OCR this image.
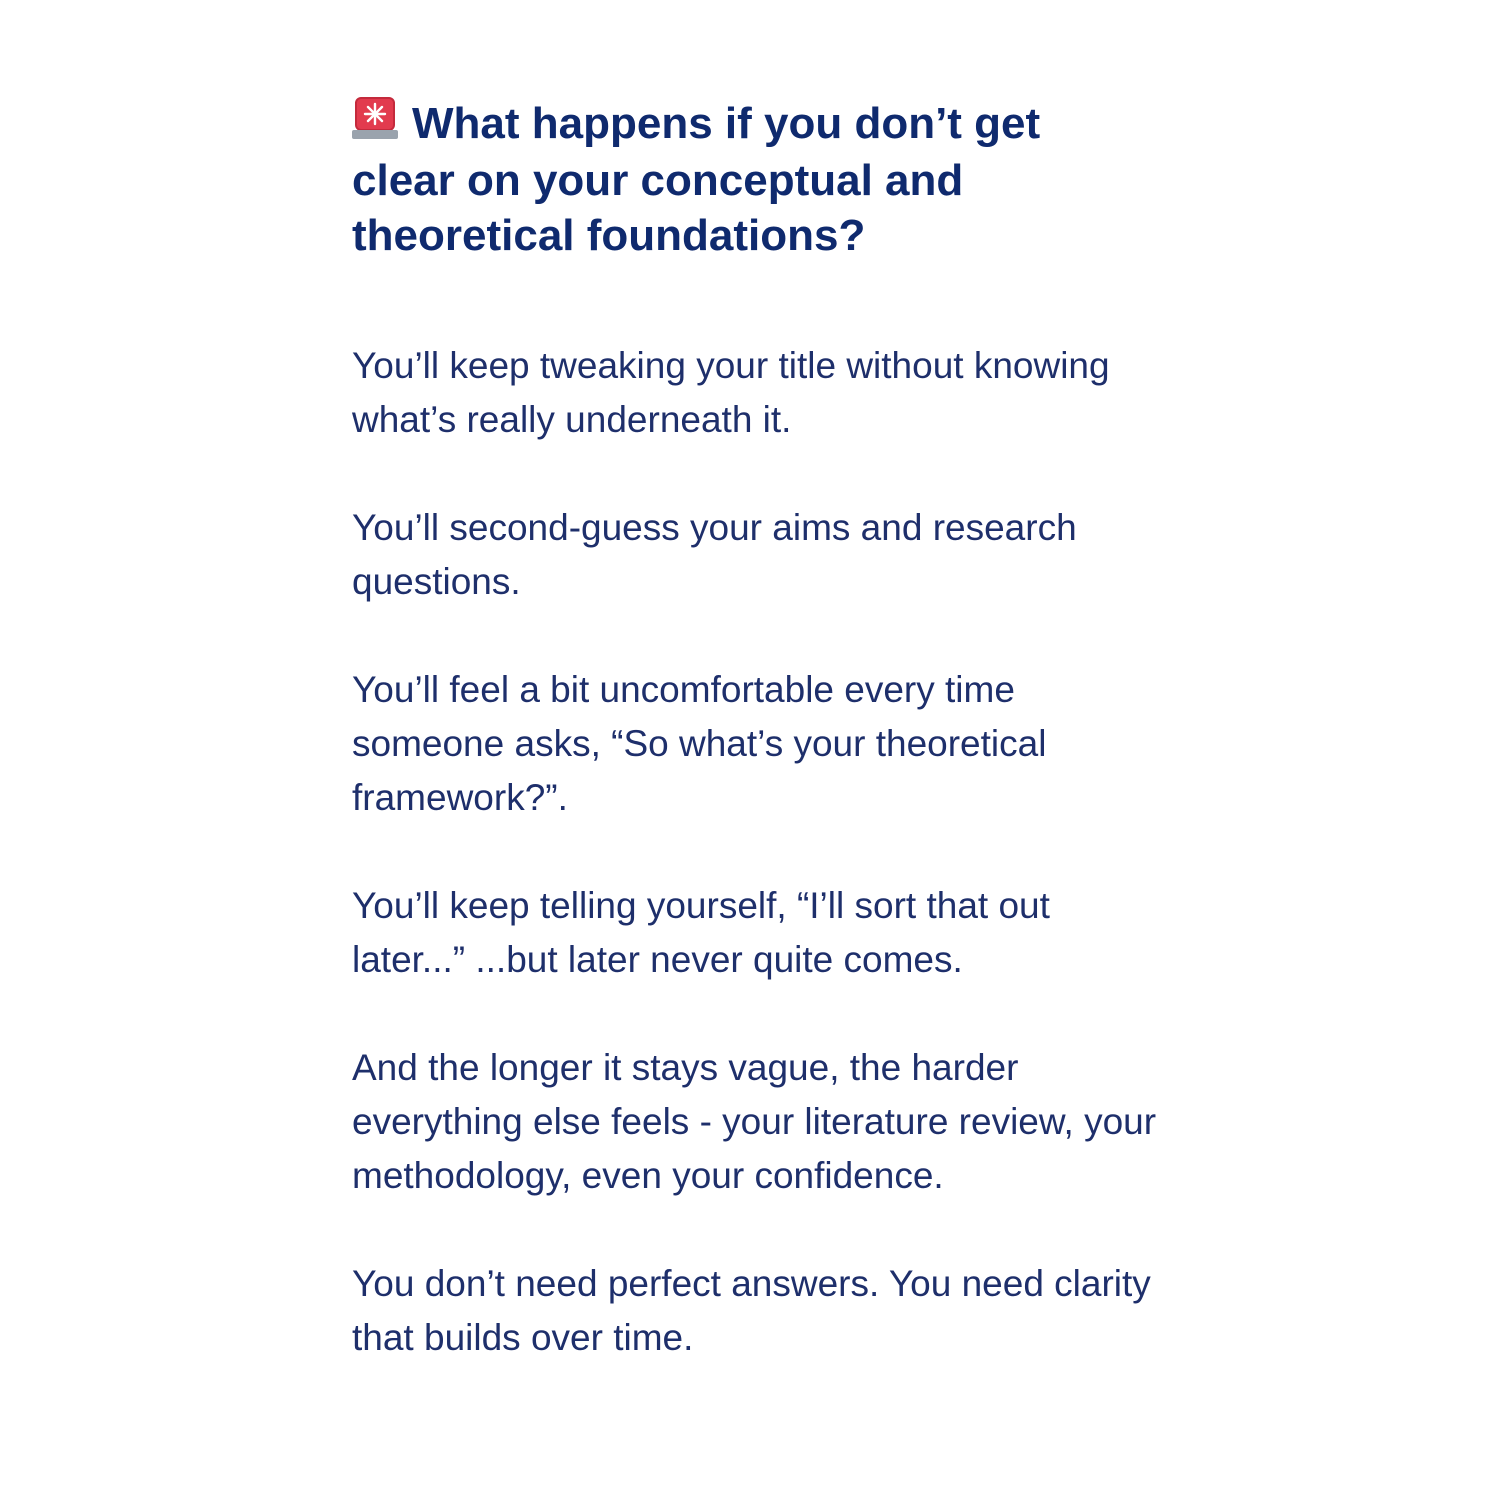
What happens if you don’t get clear on your conceptual and theoretical foundations?

You’ll keep tweaking your title without knowing what’s really underneath it.

You’ll second-guess your aims and research questions.

You’ll feel a bit uncomfortable every time someone asks, “So what’s your theoretical framework?”.

You’ll keep telling yourself, “I’ll sort that out later...” ...but later never quite comes.

And the longer it stays vague, the harder everything else feels - your literature review, your methodology, even your confidence.

You don’t need perfect answers. You need clarity that builds over time.
